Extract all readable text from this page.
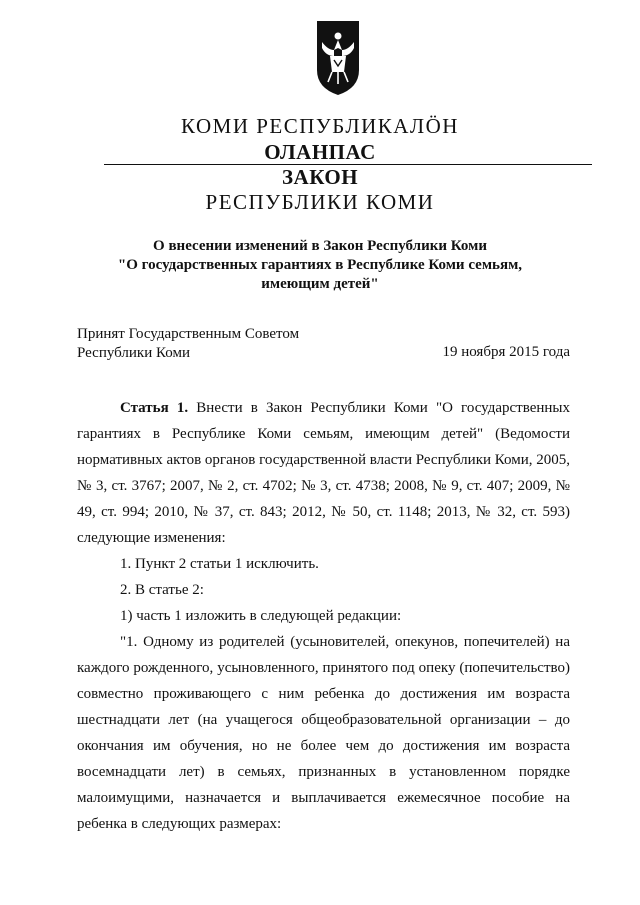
КОМИ РЕСПУБЛИКАЛӦН
ОЛАНПАС
ЗАКОН
РЕСПУБЛИКИ КОМИ
О внесении изменений в Закон Республики Коми
"О государственных гарантиях в Республике Коми семьям,
имеющим детей"
Принят Государственным Советом
Республики Коми	19 ноября 2015 года

Статья 1. Внести в Закон Республики Коми "О государственных гарантиях в Республике Коми семьям, имеющим детей" (Ведомости нормативных актов органов государственной власти Республики Коми, 2005, № 3, ст. 3767; 2007, № 2, ст. 4702; № 3, ст. 4738; 2008, № 9, ст. 407; 2009, № 49, ст. 994; 2010, № 37, ст. 843; 2012, № 50, ст. 1148; 2013, № 32, ст. 593) следующие изменения:

1. Пункт 2 статьи 1 исключить.

2. В статье 2:

1) часть 1 изложить в следующей редакции:

"1. Одному из родителей (усыновителей, опекунов, попечителей) на каждого рожденного, усыновленного, принятого под опеку (попечительство) совместно проживающего с ним ребенка до достижения им возраста шестнадцати лет (на учащегося общеобразовательной организации – до окончания им обучения, но не более чем до достижения им возраста восемнадцати лет) в семьях, признанных в установленном порядке малоимущими, назначается и выплачивается ежемесячное пособие на ребенка в следующих размерах:
